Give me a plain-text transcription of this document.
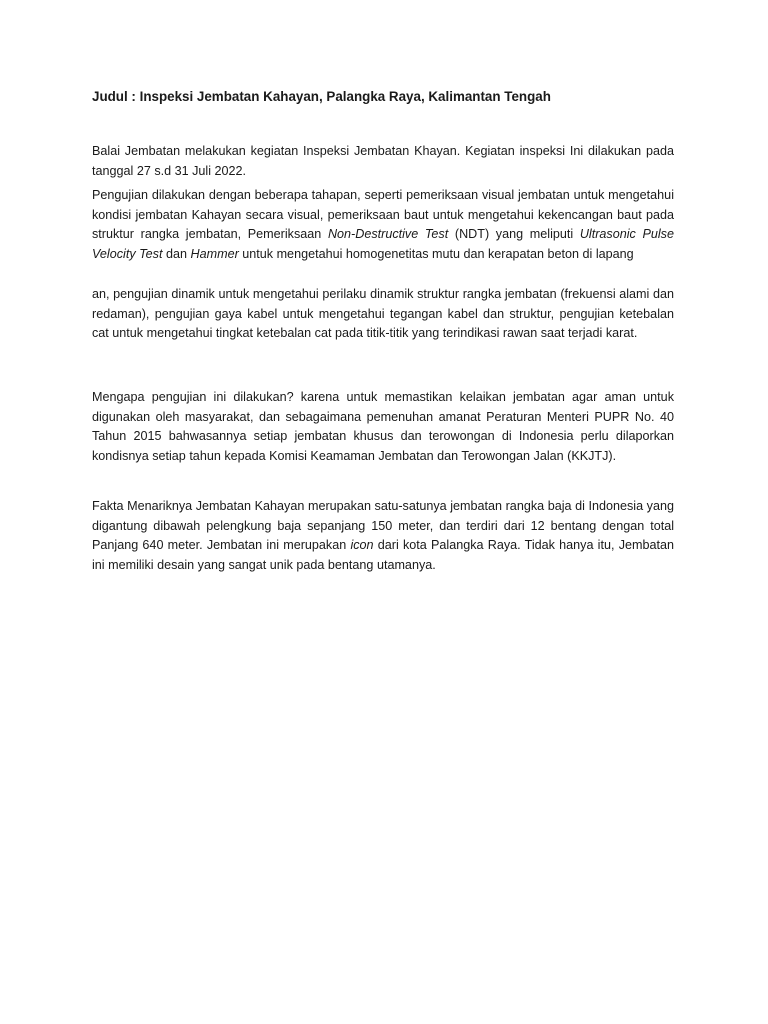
Judul : Inspeksi Jembatan Kahayan, Palangka Raya, Kalimantan Tengah

Balai Jembatan melakukan kegiatan Inspeksi Jembatan Khayan. Kegiatan inspeksi Ini dilakukan pada tanggal 27 s.d 31 Juli 2022.

Pengujian dilakukan dengan beberapa tahapan, seperti pemeriksaan visual jembatan untuk mengetahui kondisi jembatan Kahayan secara visual, pemeriksaan baut untuk mengetahui kekencangan baut pada struktur rangka jembatan, Pemeriksaan Non-Destructive Test (NDT) yang meliputi Ultrasonic Pulse Velocity Test dan Hammer untuk mengetahui homogenetitas mutu dan kerapatan beton di lapang

an, pengujian dinamik untuk mengetahui perilaku dinamik struktur rangka jembatan (frekuensi alami dan redaman), pengujian gaya kabel untuk mengetahui tegangan kabel dan struktur, pengujian ketebalan cat untuk mengetahui tingkat ketebalan cat pada titik-titik yang terindikasi rawan saat terjadi karat.

Mengapa pengujian ini dilakukan? karena untuk memastikan kelaikan jembatan agar aman untuk digunakan oleh masyarakat, dan sebagaimana pemenuhan amanat Peraturan Menteri PUPR No. 40 Tahun 2015 bahwasannya setiap jembatan khusus dan terowongan di Indonesia perlu dilaporkan kondisnya setiap tahun kepada Komisi Keamaman Jembatan dan Terowongan Jalan (KKJTJ).

Fakta Menariknya Jembatan Kahayan merupakan satu-satunya jembatan rangka baja di Indonesia yang digantung dibawah pelengkung baja sepanjang 150 meter, dan terdiri dari 12 bentang dengan total Panjang 640 meter. Jembatan ini merupakan icon dari kota Palangka Raya. Tidak hanya itu, Jembatan ini memiliki desain yang sangat unik pada bentang utamanya.
